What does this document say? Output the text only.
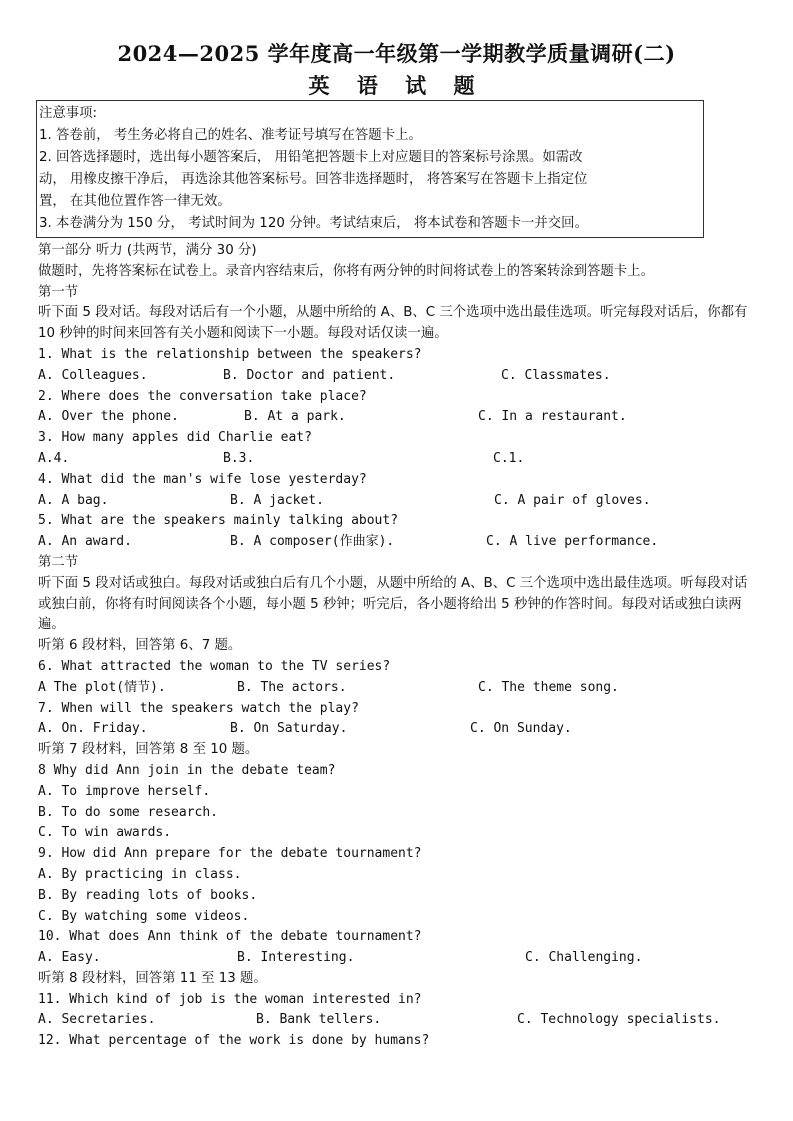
2024—2025 学年度高一年级第一学期教学质量调研(二)
英 语 试 题
注意事项:
1. 答卷前， 考生务必将自己的姓名、准考证号填写在答题卡上。
2. 回答选择题时，选出每小题答案后， 用铅笔把答题卡上对应题目的答案标号涂黑。如需改
动， 用橡皮擦干净后， 再选涂其他答案标号。回答非选择题时， 将答案写在答题卡上指定位
置， 在其他位置作答一律无效。
3. 本卷满分为 150 分， 考试时间为 120 分钟。考试结束后， 将本试卷和答题卡一并交回。
第一部分 听力 (共两节，满分 30 分)
做题时，先将答案标在试卷上。录音内容结束后，你将有两分钟的时间将试卷上的答案转涂到答题卡上。
第一节
听下面 5 段对话。每段对话后有一个小题，从题中所给的 A、B、C 三个选项中选出最佳选项。听完每段对话后，你都有 10 秒钟的时间来回答有关小题和阅读下一小题。每段对话仅读一遍。
1. What is the relationship between the speakers?
A. Colleagues.	B. Doctor and patient.	C. Classmates.
2. Where does the conversation take place?
A. Over the phone.	B. At a park.	C. In a restaurant.
3. How many apples did Charlie eat?
A.4.	B.3.	C.1.
4. What did the man's wife lose yesterday?
A. A bag.	B. A jacket.	C. A pair of gloves.
5. What are the speakers mainly talking about?
A. An award.	B. A composer(作曲家).	C. A live performance.
第二节
听下面 5 段对话或独白。每段对话或独白后有几个小题，从题中所给的 A、B、C 三个选项中选出最佳选项。听每段对话或独白前，你将有时间阅读各个小题，每小题 5 秒钟；听完后，各小题将给出 5 秒钟的作答时间。每段对话或独白读两遍。
听第 6 段材料，回答第 6、7 题。
6. What attracted the woman to the TV series?
A The plot(情节).	B. The actors.	C. The theme song.
7. When will the speakers watch the play?
A. On. Friday.	B. On Saturday.	C. On Sunday.
听第 7 段材料，回答第 8 至 10 题。
8 Why did Ann join in the debate team?
A. To improve herself.
B. To do some research.
C. To win awards.
9. How did Ann prepare for the debate tournament?
A. By practicing in class.
B. By reading lots of books.
C. By watching some videos.
10. What does Ann think of the debate tournament?
A. Easy.	B. Interesting.	C. Challenging.
听第 8 段材料，回答第 11 至 13 题。
11. Which kind of job is the woman interested in?
A. Secretaries.	B. Bank tellers.	C. Technology specialists.
12. What percentage of the work is done by humans?
